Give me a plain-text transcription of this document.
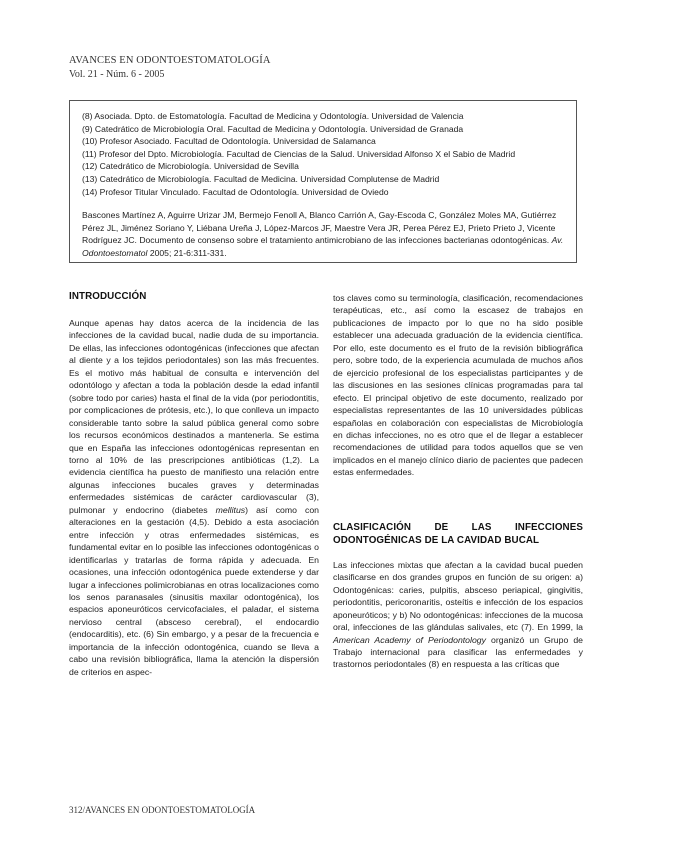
AVANCES EN ODONTOESTOMATOLOGÍA
Vol. 21 - Núm. 6 - 2005
(8) Asociada. Dpto. de Estomatología. Facultad de Medicina y Odontología. Universidad de Valencia
(9) Catedrático de Microbiología Oral. Facultad de Medicina y Odontología. Universidad de Granada
(10) Profesor Asociado. Facultad de Odontología. Universidad de Salamanca
(11) Profesor del Dpto. Microbiología. Facultad de Ciencias de la Salud. Universidad Alfonso X el Sabio de Madrid
(12) Catedrático de Microbiología. Universidad de Sevilla
(13) Catedrático de Microbiología. Facultad de Medicina. Universidad Complutense de Madrid
(14) Profesor Titular Vinculado. Facultad de Odontología. Universidad de Oviedo
Bascones Martínez A, Aguirre Urizar JM, Bermejo Fenoll A, Blanco Carrión A, Gay-Escoda C, González Moles MA, Gutiérrez Pérez JL, Jiménez Soriano Y, Liébana Ureña J, López-Marcos JF, Maestre Vera JR, Perea Pérez EJ, Prieto Prieto J, Vicente Rodríguez JC. Documento de consenso sobre el tratamiento antimicrobiano de las infecciones bacterianas odontogénicas. Av. Odontoestomatol 2005; 21-6:311-331.
INTRODUCCIÓN

Aunque apenas hay datos acerca de la incidencia de las infecciones de la cavidad bucal, nadie duda de su importancia. De ellas, las infecciones odontogénicas (infecciones que afectan al diente y a los tejidos periodontales) son las más frecuentes. Es el motivo más habitual de consulta e intervención del odontólogo y afectan a toda la población desde la edad infantil (sobre todo por caries) hasta el final de la vida (por periodontitis, por complicaciones de prótesis, etc.), lo que conlleva un impacto considerable tanto sobre la salud pública general como sobre los recursos económicos destinados a mantenerla. Se estima que en España las infecciones odontogénicas representan en torno al 10% de las prescripciones antibióticas (1,2). La evidencia científica ha puesto de manifiesto una relación entre algunas infecciones bucales graves y determinadas enfermedades sistémicas de carácter cardiovascular (3), pulmonar y endocrino (diabetes mellitus) así como con alteraciones en la gestación (4,5). Debido a esta asociación entre infección y otras enfermedades sistémicas, es fundamental evitar en lo posible las infecciones odontogénicas o identificarlas y tratarlas de forma rápida y adecuada. En ocasiones, una infección odontogénica puede extenderse y dar lugar a infecciones polimicrobianas en otras localizaciones como los senos paranasales (sinusitis maxilar odontogénica), los espacios aponeuróticos cervicofaciales, el paladar, el sistema nervioso central (absceso cerebral), el endocardio (endocarditis), etc. (6) Sin embargo, y a pesar de la frecuencia e importancia de la infección odontogénica, cuando se lleva a cabo una revisión bibliográfica, llama la atención la dispersión de criterios en aspec-

tos claves como su terminología, clasificación, recomendaciones terapéuticas, etc., así como la escasez de trabajos en publicaciones de impacto por lo que no ha sido posible establecer una adecuada graduación de la evidencia científica. Por ello, este documento es el fruto de la revisión bibliográfica pero, sobre todo, de la experiencia acumulada de muchos años de ejercicio profesional de los especialistas participantes y de las discusiones en las sesiones clínicas programadas para tal efecto. El principal objetivo de este documento, realizado por especialistas representantes de las 10 universidades públicas españolas en colaboración con especialistas de Microbiología en dichas infecciones, no es otro que el de llegar a establecer recomendaciones de utilidad para todos aquellos que se ven implicados en el manejo clínico diario de pacientes que padecen estas enfermedades.

CLASIFICACIÓN DE LAS INFECCIONES ODONTOGÉNICAS DE LA CAVIDAD BUCAL

Las infecciones mixtas que afectan a la cavidad bucal pueden clasificarse en dos grandes grupos en función de su origen: a) Odontogénicas: caries, pulpitis, absceso periapical, gingivitis, periodontitis, pericoronaritis, osteítis e infección de los espacios aponeuróticos; y b) No odontogénicas: infecciones de la mucosa oral, infecciones de las glándulas salivales, etc (7). En 1999, la American Academy of Periodontology organizó un Grupo de Trabajo internacional para clasificar las enfermedades y trastornos periodontales (8) en respuesta a las críticas que

312/AVANCES EN ODONTOESTOMATOLOGÍA
